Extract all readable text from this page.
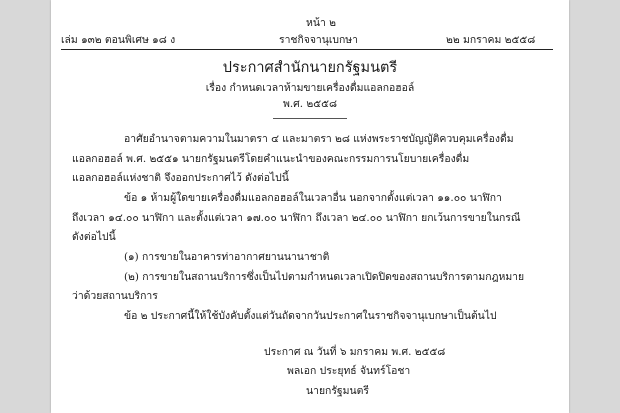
หน้า ๒
เล่ม ๑๓๒ ตอนพิเศษ ๑๘ ง	ราชกิจจานุเบกษา	๒๒ มกราคม ๒๕๕๘
ประกาศสำนักนายกรัฐมนตรี
เรื่อง กำหนดเวลาห้ามขายเครื่องดื่มแอลกอฮอล์
พ.ศ. ๒๕๕๘
อาศัยอำนาจตามความในมาตรา ๔ และมาตรา ๒๘ แห่งพระราชบัญญัติควบคุมเครื่องดื่ม
แอลกอฮอล์ พ.ศ. ๒๕๕๑ นายกรัฐมนตรีโดยคำแนะนำของคณะกรรมการนโยบายเครื่องดื่ม
แอลกอฮอล์แห่งชาติ จึงออกประกาศไว้ ดังต่อไปนี้
ข้อ ๑ ห้ามผู้ใดขายเครื่องดื่มแอลกอฮอล์ในเวลาอื่น นอกจากตั้งแต่เวลา ๑๑.๐๐ นาฬิกา
ถึงเวลา ๑๔.๐๐ นาฬิกา และตั้งแต่เวลา ๑๗.๐๐ นาฬิกา ถึงเวลา ๒๔.๐๐ นาฬิกา ยกเว้นการขายในกรณี
ดังต่อไปนี้
(๑) การขายในอาคารท่าอากาศยานนานาชาติ
(๒) การขายในสถานบริการซึ่งเป็นไปตามกำหนดเวลาเปิดปิดของสถานบริการตามกฎหมาย
ว่าด้วยสถานบริการ
ข้อ ๒ ประกาศนี้ให้ใช้บังคับตั้งแต่วันถัดจากวันประกาศในราชกิจจานุเบกษาเป็นต้นไป
ประกาศ ณ วันที่ ๖ มกราคม พ.ศ. ๒๕๕๘
พลเอก ประยุทธ์ จันทร์โอชา
นายกรัฐมนตรี
